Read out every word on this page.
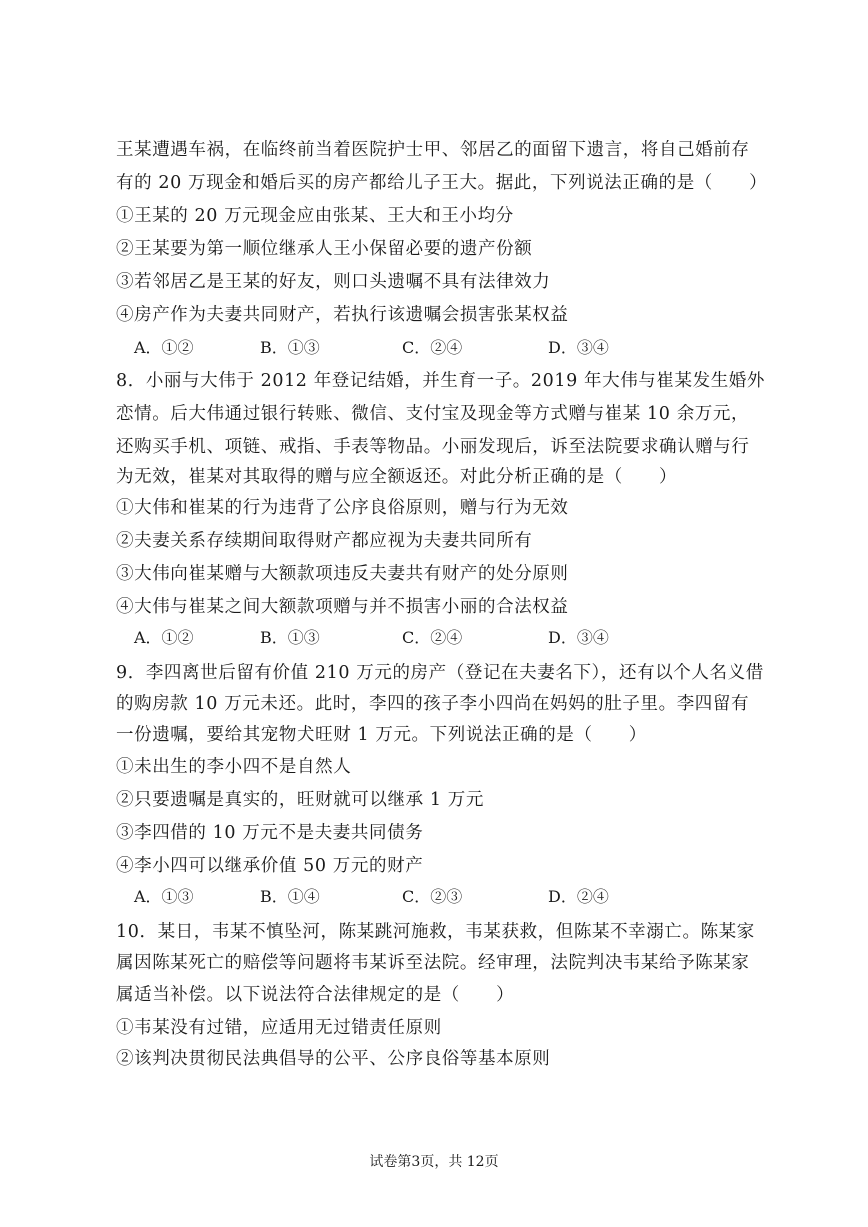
王某遭遇车祸，在临终前当着医院护士甲、邻居乙的面留下遗言，将自己婚前存
有的 20 万现金和婚后买的房产都给儿子王大。据此，下列说法正确的是（　　）
①王某的 20 万元现金应由张某、王大和王小均分
②王某要为第一顺位继承人王小保留必要的遗产份额
③若邻居乙是王某的好友，则口头遗嘱不具有法律效力
④房产作为夫妻共同财产，若执行该遗嘱会损害张某权益
A．①②	B．①③	C．②④	D．③④
8．小丽与大伟于 2012 年登记结婚，并生育一子。2019 年大伟与崔某发生婚外
恋情。后大伟通过银行转账、微信、支付宝及现金等方式赠与崔某 10 余万元，
还购买手机、项链、戒指、手表等物品。小丽发现后，诉至法院要求确认赠与行
为无效，崔某对其取得的赠与应全额返还。对此分析正确的是（　　）
①大伟和崔某的行为违背了公序良俗原则，赠与行为无效
②夫妻关系存续期间取得财产都应视为夫妻共同所有
③大伟向崔某赠与大额款项违反夫妻共有财产的处分原则
④大伟与崔某之间大额款项赠与并不损害小丽的合法权益
A．①②	B．①③	C．②④	D．③④
9．李四离世后留有价值 210 万元的房产（登记在夫妻名下），还有以个人名义借
的购房款 10 万元未还。此时，李四的孩子李小四尚在妈妈的肚子里。李四留有
一份遗嘱，要给其宠物犬旺财 1 万元。下列说法正确的是（　　）
①未出生的李小四不是自然人
②只要遗嘱是真实的，旺财就可以继承 1 万元
③李四借的 10 万元不是夫妻共同债务
④李小四可以继承价值 50 万元的财产
A．①③	B．①④	C．②③	D．②④
10．某日，韦某不慎坠河，陈某跳河施救，韦某获救，但陈某不幸溺亡。陈某家
属因陈某死亡的赔偿等问题将韦某诉至法院。经审理，法院判决韦某给予陈某家
属适当补偿。以下说法符合法律规定的是（　　）
①韦某没有过错，应适用无过错责任原则
②该判决贯彻民法典倡导的公平、公序良俗等基本原则
试卷第3页，共 12页
